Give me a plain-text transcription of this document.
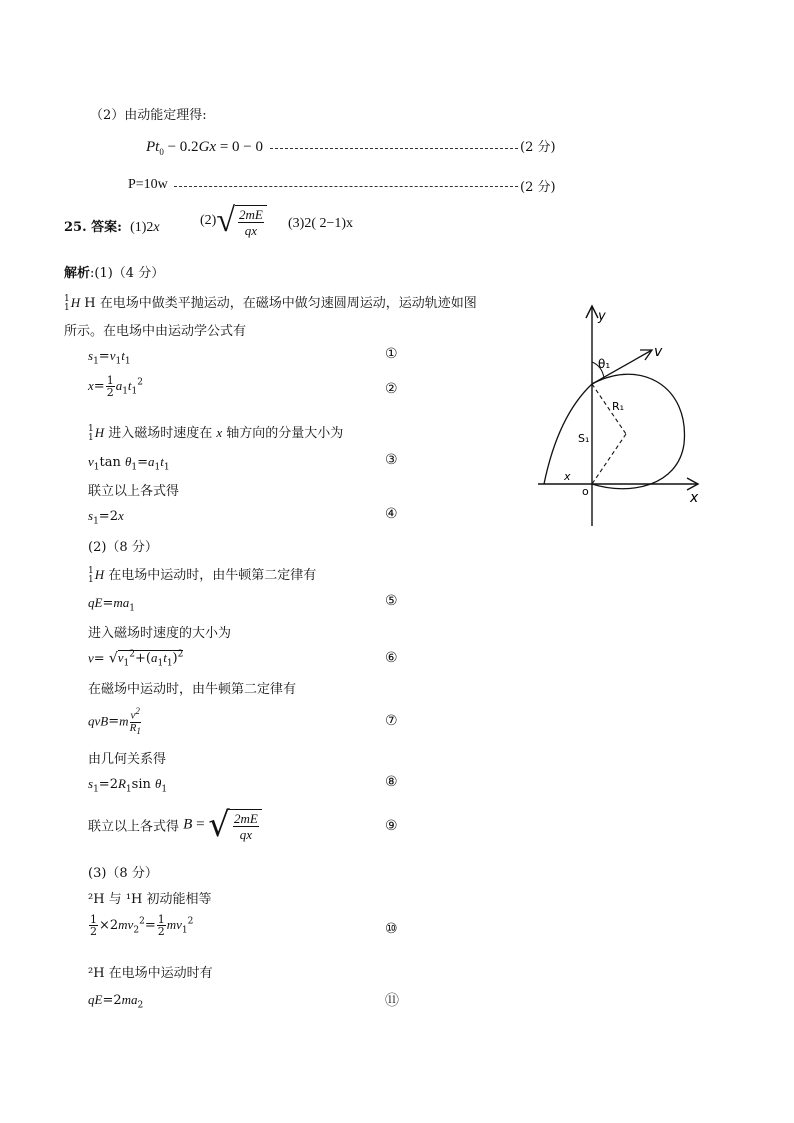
（2）由动能定理得:
$Pt_0 - 0.2Gx = 0 - 0$	(2 分)
P=10w	(2 分)
25. 答案: (1)2x	(2) √ $\frac{2mE}{qx} (3)2$( 2−1)x
解析:(1)（4 分）
1
1 H H 在电场中做类平抛运动，在磁场中做匀速圆周运动，运动轨迹如图
所示。在电场中由运动学公式有
$s_1=v_1t_1$	①
$x= \frac{1}{2} a_1t_1^2$	②
1
1 H 进入磁场时速度在 x 轴方向的分量大小为
$v_1\tan$ $\theta_1=a_1t_1$	③
联立以上各式得
$s_1=2x$	④
(2)（8 分）
1
1 H 在电场中运动时，由牛顿第二定律有
$qE=ma_1$	⑤
进入磁场时速度的大小为
$v= √v_1^2+(a_1t_1)^2$	⑥
在磁场中运动时，由牛顿第二定律有
$qvB=m \frac{v^2}{R_1}$	⑦
由几何关系得
$s_1=2R_1\sin$ $\theta_1$	⑧
联立以上各式得 B = √ $\frac{2mE}{qx}$	⑨
(3)（8 分）
²H 与 ¹H 初动能相等
$\frac{1}{2} \times 2mv_2^2= \frac{1}{2} mv_1^2$	⑩
²H 在电场中运动时有
$qE=2ma_2$	⑪
y
x
o
θ₁
v
R₁
S₁
x
